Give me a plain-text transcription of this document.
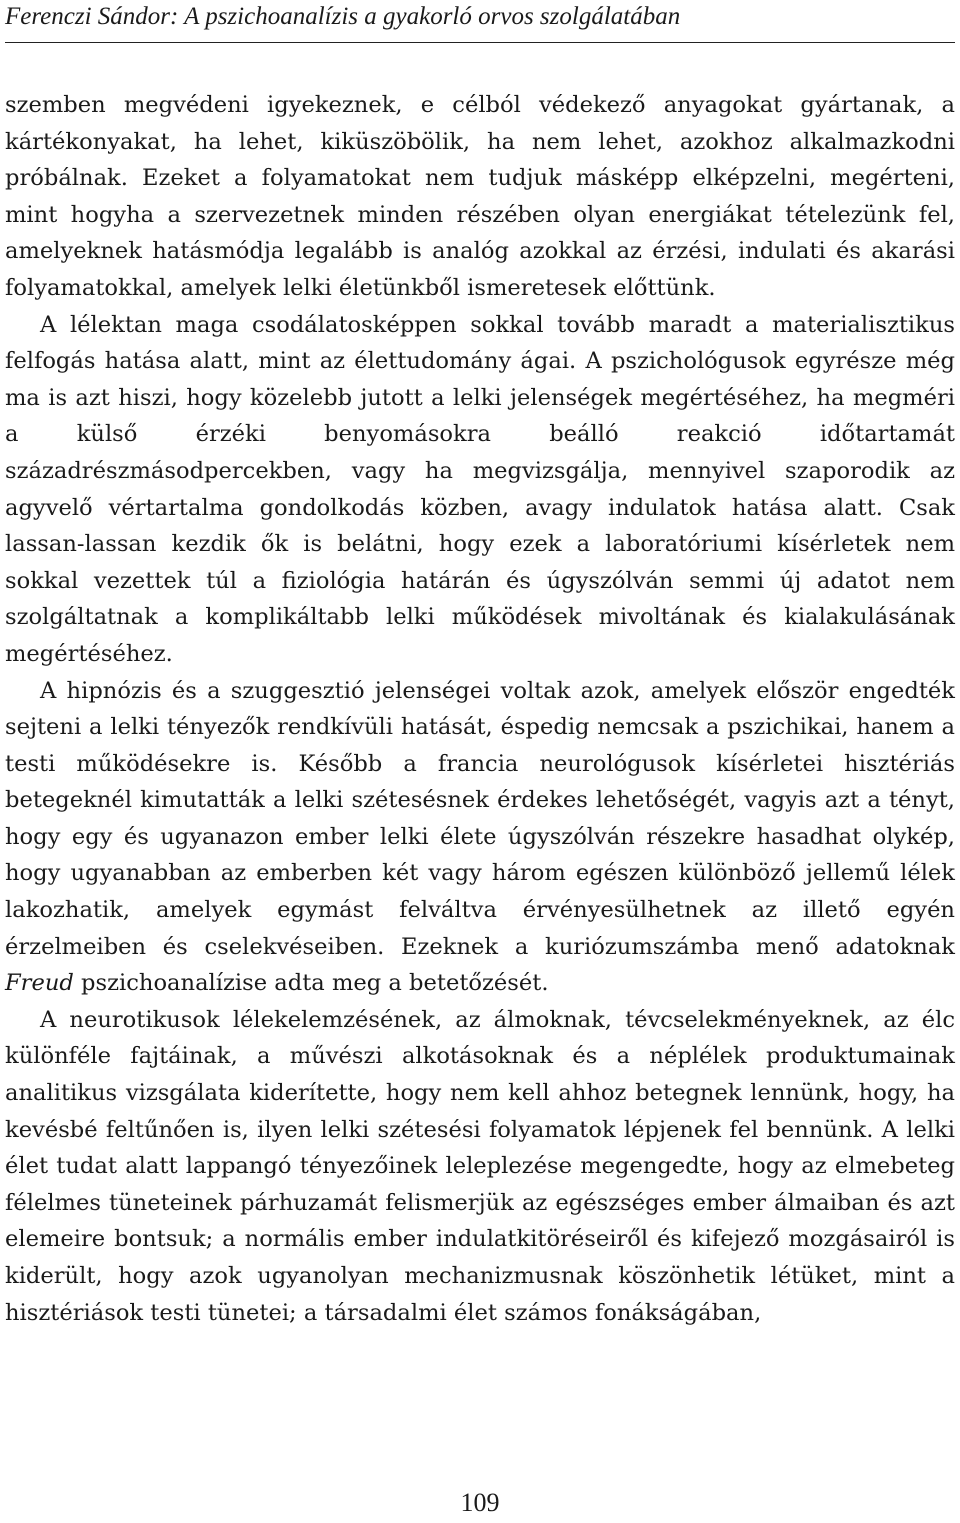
Ferenczi Sándor: A pszichoanalízis a gyakorló orvos szolgálatában

szemben megvédeni igyekeznek, e célból védekező anyagokat gyártanak, a kártékonyakat, ha lehet, kiküszöbölik, ha nem lehet, azokhoz alkalmazkodni próbálnak. Ezeket a folyamatokat nem tudjuk másképp elképzelni, megérteni, mint hogyha a szervezetnek minden részében olyan energiákat tételezünk fel, amelyeknek hatásmódja legalább is analóg azokkal az érzési, indulati és akarási folyamatokkal, amelyek lelki életünkből ismeretesek előttünk.

A lélektan maga csodálatosképpen sokkal tovább maradt a materialisztikus felfogás hatása alatt, mint az élettudomány ágai. A pszichológusok egyrésze még ma is azt hiszi, hogy közelebb jutott a lelki jelenségek megértéséhez, ha megméri a külső érzéki benyomásokra beálló reakció időtartamát századrészmásodpercekben, vagy ha megvizsgálja, mennyivel szaporodik az agyvelő vértartalma gondolkodás közben, avagy indulatok hatása alatt. Csak lassan-lassan kezdik ők is belátni, hogy ezek a laboratóriumi kísérletek nem sokkal vezettek túl a fiziológia határán és úgyszólván semmi új adatot nem szolgáltatnak a komplikáltabb lelki működések mivoltának és kialakulásának megértéséhez.

A hipnózis és a szuggesztió jelenségei voltak azok, amelyek először engedték sejteni a lelki tényezők rendkívüli hatását, éspedig nemcsak a pszichikai, hanem a testi működésekre is. Később a francia neurológusok kísérletei hisztériás betegeknél kimutatták a lelki szétesésnek érdekes lehetőségét, vagyis azt a tényt, hogy egy és ugyanazon ember lelki élete úgyszólván részekre hasadhat olykép, hogy ugyanabban az emberben két vagy három egészen különböző jellemű lélek lakozhatik, amelyek egymást felváltva érvényesülhetnek az illető egyén érzelmeiben és cselekvéseiben. Ezeknek a kuriózumszámba menő adatoknak Freud pszichoanalízise adta meg a betetőzését.

A neurotikusok lélekelemzésének, az álmoknak, tévcselekményeknek, az élc különféle fajtáinak, a művészi alkotásoknak és a néplélek produktumainak analitikus vizsgálata kiderítette, hogy nem kell ahhoz betegnek lennünk, hogy, ha kevésbé feltűnően is, ilyen lelki szétesési folyamatok lépjenek fel bennünk. A lelki élet tudat alatt lappangó tényezőinek leleplezése megengedte, hogy az elmebeteg félelmes tüneteinek párhuzamát felismerjük az egészséges ember álmaiban és azt elemeire bontsuk; a normális ember indulatkitöréseiről és kifejező mozgásairól is kiderült, hogy azok ugyanolyan mechanizmusnak köszönhetik létüket, mint a hisztériások testi tünetei; a társadalmi élet számos fonákságában,

109
